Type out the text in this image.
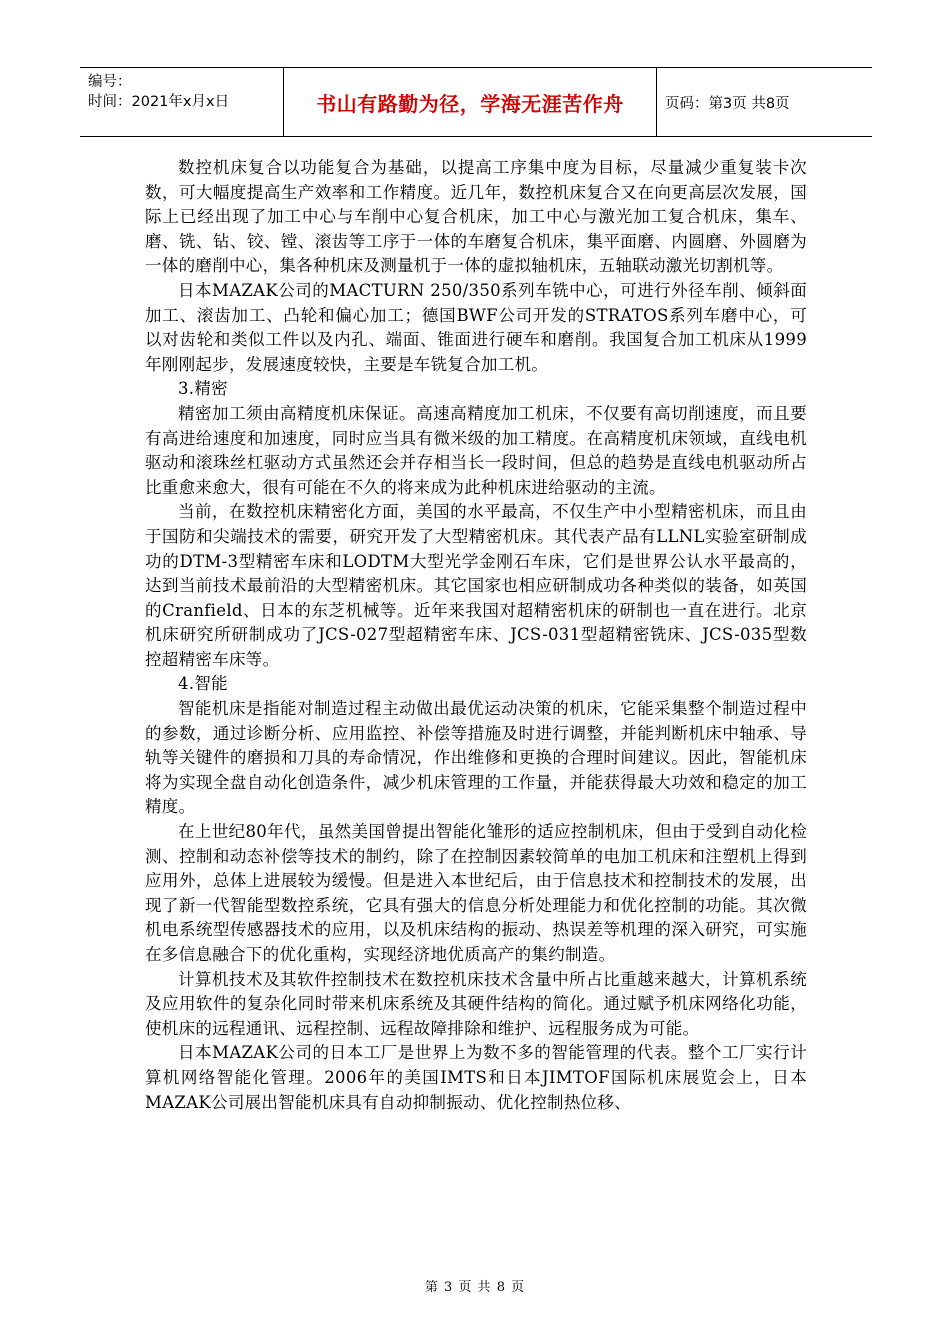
编号：
时间：2021年x月x日	书山有路勤为径，学海无涯苦作舟	页码：第3页 共8页

数控机床复合以功能复合为基础，以提高工序集中度为目标，尽量减少重复装卡次数，可大幅度提高生产效率和工作精度。近几年，数控机床复合又在向更高层次发展，国际上已经出现了加工中心与车削中心复合机床，加工中心与激光加工复合机床，集车、磨、铣、钻、铰、镗、滚齿等工序于一体的车磨复合机床，集平面磨、内圆磨、外圆磨为一体的磨削中心，集各种机床及测量机于一体的虚拟轴机床，五轴联动激光切割机等。

日本MAZAK公司的MACTURN 250/350系列车铣中心，可进行外径车削、倾斜面加工、滚齿加工、凸轮和偏心加工；德国BWF公司开发的STRATOS系列车磨中心，可以对齿轮和类似工件以及内孔、端面、锥面进行硬车和磨削。我国复合加工机床从1999年刚刚起步，发展速度较快，主要是车铣复合加工机。

3.精密

精密加工须由高精度机床保证。高速高精度加工机床，不仅要有高切削速度，而且要有高进给速度和加速度，同时应当具有微米级的加工精度。在高精度机床领域，直线电机驱动和滚珠丝杠驱动方式虽然还会并存相当长一段时间，但总的趋势是直线电机驱动所占比重愈来愈大，很有可能在不久的将来成为此种机床进给驱动的主流。

当前，在数控机床精密化方面，美国的水平最高，不仅生产中小型精密机床，而且由于国防和尖端技术的需要，研究开发了大型精密机床。其代表产品有LLNL实验室研制成功的DTM-3型精密车床和LODTM大型光学金刚石车床，它们是世界公认水平最高的，达到当前技术最前沿的大型精密机床。其它国家也相应研制成功各种类似的装备，如英国的Cranfield、日本的东芝机械等。近年来我国对超精密机床的研制也一直在进行。北京机床研究所研制成功了JCS-027型超精密车床、JCS-031型超精密铣床、JCS-035型数控超精密车床等。

4.智能

智能机床是指能对制造过程主动做出最优运动决策的机床，它能采集整个制造过程中的参数，通过诊断分析、应用监控、补偿等措施及时进行调整，并能判断机床中轴承、导轨等关键件的磨损和刀具的寿命情况，作出维修和更换的合理时间建议。因此，智能机床将为实现全盘自动化创造条件，减少机床管理的工作量，并能获得最大功效和稳定的加工精度。

在上世纪80年代，虽然美国曾提出智能化雏形的适应控制机床，但由于受到自动化检测、控制和动态补偿等技术的制约，除了在控制因素较简单的电加工机床和注塑机上得到应用外，总体上进展较为缓慢。但是进入本世纪后，由于信息技术和控制技术的发展，出现了新一代智能型数控系统，它具有强大的信息分析处理能力和优化控制的功能。其次微机电系统型传感器技术的应用，以及机床结构的振动、热误差等机理的深入研究，可实施在多信息融合下的优化重构，实现经济地优质高产的集约制造。

计算机技术及其软件控制技术在数控机床技术含量中所占比重越来越大，计算机系统及应用软件的复杂化同时带来机床系统及其硬件结构的简化。通过赋予机床网络化功能，使机床的远程通讯、远程控制、远程故障排除和维护、远程服务成为可能。

日本MAZAK公司的日本工厂是世界上为数不多的智能管理的代表。整个工厂实行计算机网络智能化管理。2006年的美国IMTS和日本JIMTOF国际机床展览会上，日本MAZAK公司展出智能机床具有自动抑制振动、优化控制热位移、

第 3 页 共 8 页
